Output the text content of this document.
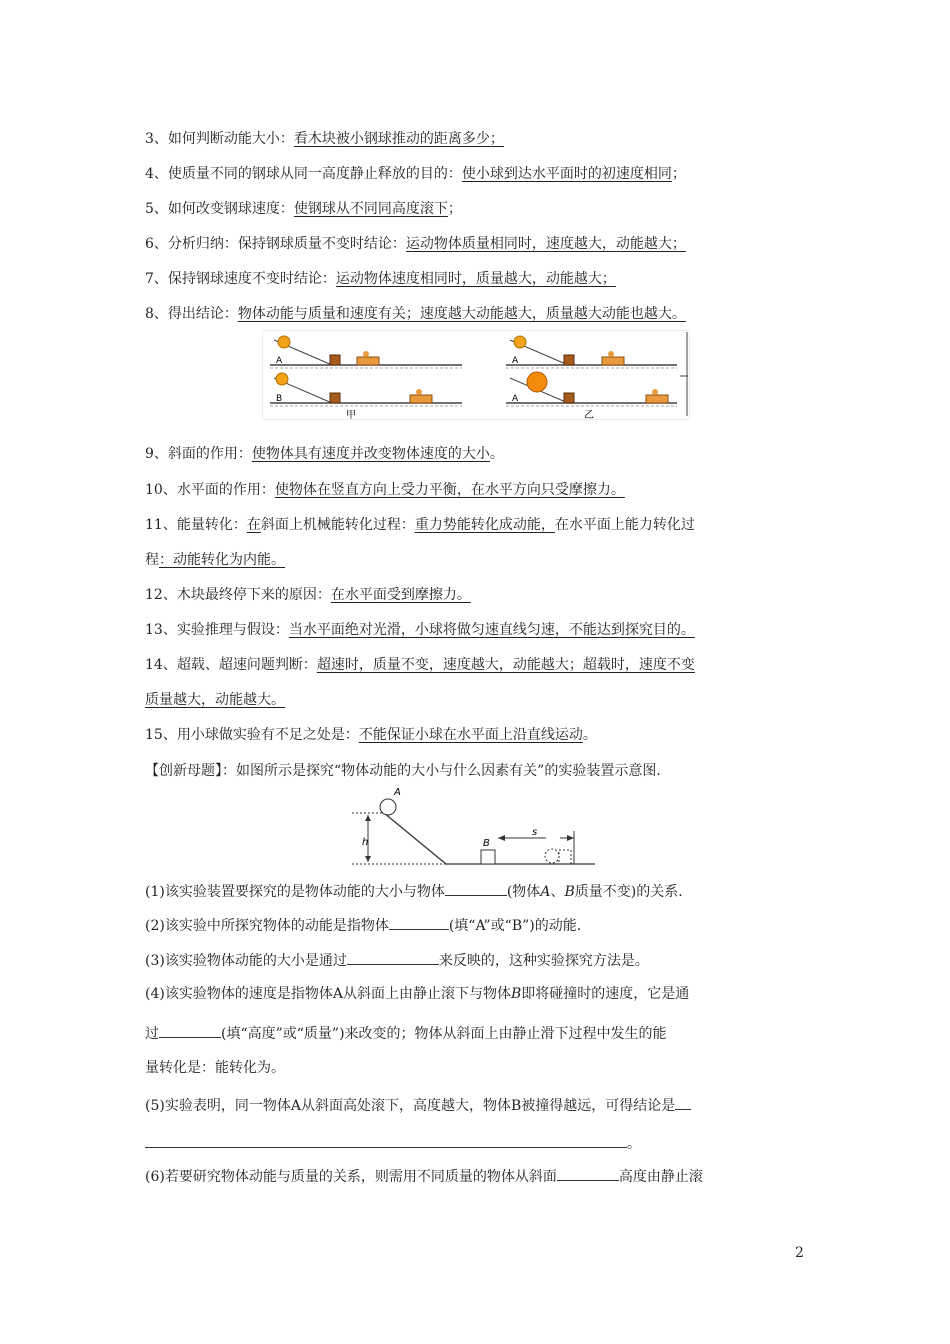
3、如何判断动能大小：看木块被小钢球推动的距离多少；
4、使质量不同的钢球从同一高度静止释放的目的：使小球到达水平面时的初速度相同；
5、如何改变钢球速度：使钢球从不同同高度滚下；
6、分析归纳：保持钢球质量不变时结论：运动物体质量相同时，速度越大，动能越大；
7、保持钢球速度不变时结论：运动物体速度相同时，质量越大，动能越大；
8、得出结论：物体动能与质量和速度有关；速度越大动能越大，质量越大动能也越大。
A
B
甲
A
A
乙
9、斜面的作用：使物体具有速度并改变物体速度的大小。
10、水平面的作用：使物体在竖直方向上受力平衡，在水平方向只受摩擦力。
11、能量转化：在斜面上机械能转化过程：重力势能转化成动能，在水平面上能力转化过
程：动能转化为内能。
12、木块最终停下来的原因：在水平面受到摩擦力。
13、实验推理与假设：当水平面绝对光滑，小球将做匀速直线匀速，不能达到探究目的。
14、超载、超速问题判断：超速时，质量不变，速度越大，动能越大；超载时，速度不变
质量越大，动能越大。
15、用小球做实验有不足之处是：不能保证小球在水平面上沿直线运动。
【创新母题】：如图所示是探究“物体动能的大小与什么因素有关”的实验装置示意图.
h
A
B
s
(1)该实验装置要探究的是物体动能的大小与物体	(物体A、B质量不变)的关系.
(2)该实验中所探究物体的动能是指物体	(填“A”或“B”)的动能.
(3)该实验物体动能的大小是通过	来反映的，这种实验探究方法是。
(4)该实验物体的速度是指物体A从斜面上由静止滚下与物体B即将碰撞时的速度，它是通
过	(填“高度”或“质量”)来改变的；物体从斜面上由静止滑下过程中发生的能
量转化是：能转化为。
(5)实验表明，同一物体A从斜面高处滚下，高度越大，物体B被撞得越远，可得结论是
。
(6)若要研究物体动能与质量的关系，则需用不同质量的物体从斜面	高度由静止滚
2
